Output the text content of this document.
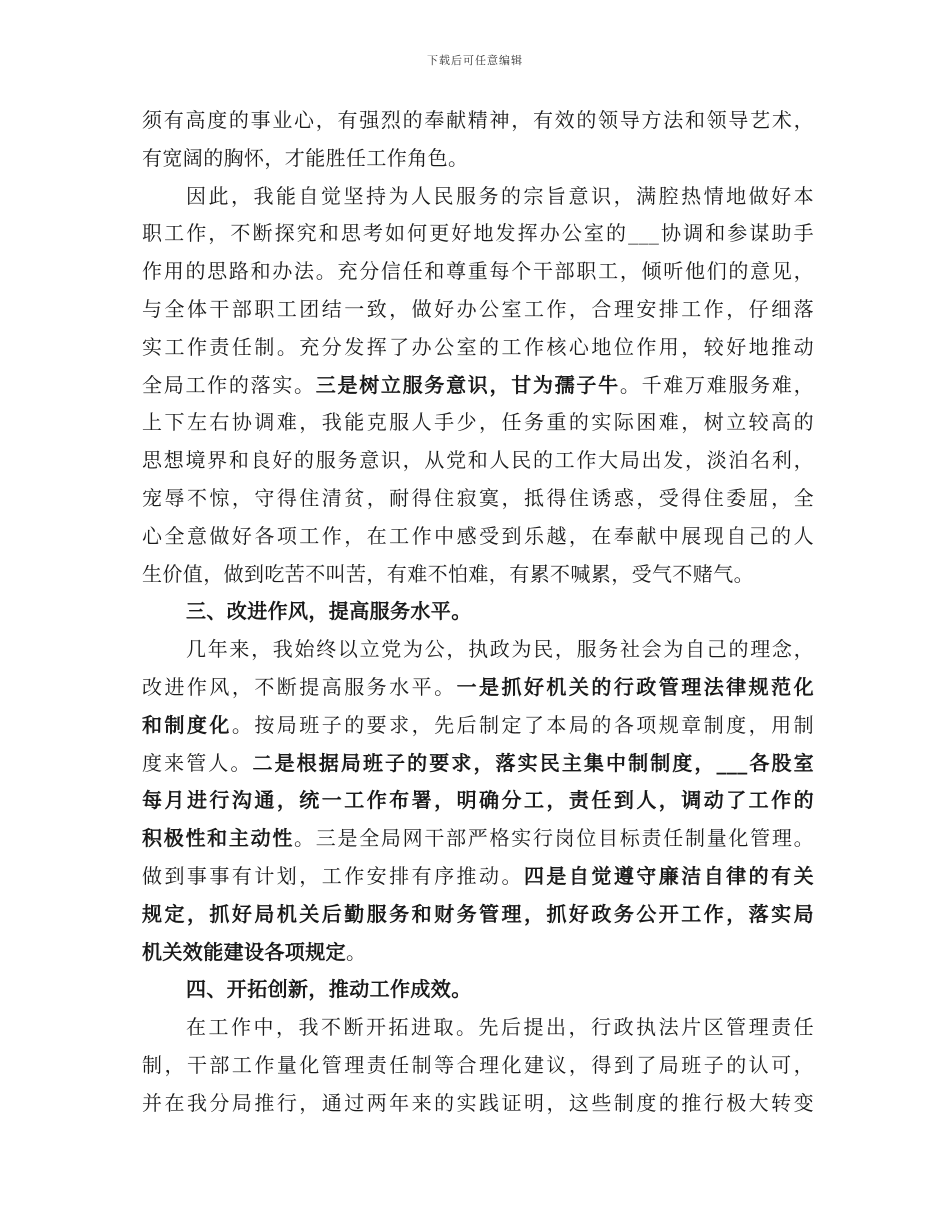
下载后可任意编辑
须有高度的事业心，有强烈的奉献精神，有效的领导方法和领导艺术，
有宽阔的胸怀，才能胜任工作角色。
因此，我能自觉坚持为人民服务的宗旨意识，满腔热情地做好本
职工作，不断探究和思考如何更好地发挥办公室的___协调和参谋助手
作用的思路和办法。充分信任和尊重每个干部职工，倾听他们的意见，
与全体干部职工团结一致，做好办公室工作，合理安排工作，仔细落
实工作责任制。充分发挥了办公室的工作核心地位作用，较好地推动
全局工作的落实。三是树立服务意识，甘为孺子牛。千难万难服务难，
上下左右协调难，我能克服人手少，任务重的实际困难，树立较高的
思想境界和良好的服务意识，从党和人民的工作大局出发，淡泊名利，
宠辱不惊，守得住清贫，耐得住寂寞，抵得住诱惑，受得住委屈，全
心全意做好各项工作，在工作中感受到乐越，在奉献中展现自己的人
生价值，做到吃苦不叫苦，有难不怕难，有累不喊累，受气不赌气。
三、改进作风，提高服务水平。
几年来，我始终以立党为公，执政为民，服务社会为自己的理念，
改进作风，不断提高服务水平。一是抓好机关的行政管理法律规范化
和制度化。按局班子的要求，先后制定了本局的各项规章制度，用制
度来管人。二是根据局班子的要求，落实民主集中制制度，___各股室
每月进行沟通，统一工作布署，明确分工，责任到人，调动了工作的
积极性和主动性。三是全局网干部严格实行岗位目标责任制量化管理。
做到事事有计划，工作安排有序推动。四是自觉遵守廉洁自律的有关
规定，抓好局机关后勤服务和财务管理，抓好政务公开工作，落实局
机关效能建设各项规定。
四、开拓创新，推动工作成效。
在工作中，我不断开拓进取。先后提出，行政执法片区管理责任
制，干部工作量化管理责任制等合理化建议，得到了局班子的认可，
并在我分局推行，通过两年来的实践证明，这些制度的推行极大转变
